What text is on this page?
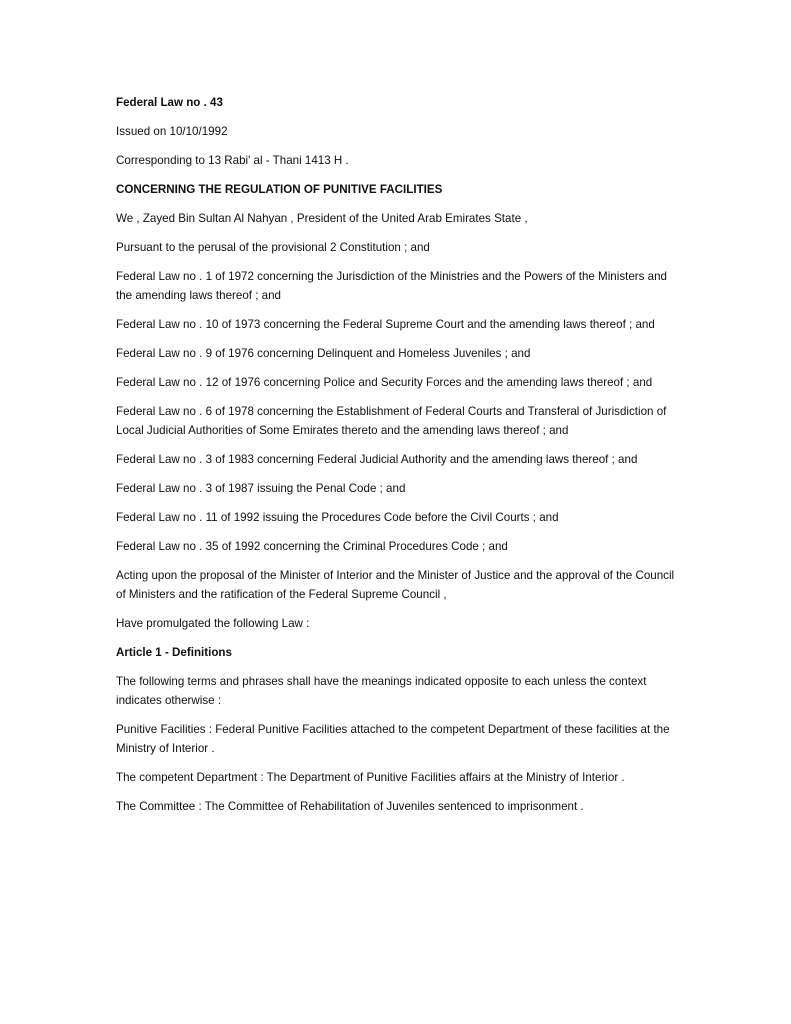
Federal Law no . 43

Issued on 10/10/1992

Corresponding to 13 Rabi' al - Thani 1413 H .

CONCERNING THE REGULATION OF PUNITIVE FACILITIES

We , Zayed Bin Sultan Al Nahyan , President of the United Arab Emirates State ,

Pursuant to the perusal of the provisional 2 Constitution ; and

Federal Law no . 1 of 1972 concerning the Jurisdiction of the Ministries and the Powers of the Ministers and the amending laws thereof ; and

Federal Law no . 10 of 1973 concerning the Federal Supreme Court and the amending laws thereof ; and

Federal Law no . 9 of 1976 concerning Delinquent and Homeless Juveniles ; and

Federal Law no . 12 of 1976 concerning Police and Security Forces and the amending laws thereof ; and

Federal Law no . 6 of 1978 concerning the Establishment of Federal Courts and Transferal of Jurisdiction of Local Judicial Authorities of Some Emirates thereto and the amending laws thereof ; and

Federal Law no . 3 of 1983 concerning Federal Judicial Authority and the amending laws thereof ; and

Federal Law no . 3 of 1987 issuing the Penal Code ; and

Federal Law no . 11 of 1992 issuing the Procedures Code before the Civil Courts ; and

Federal Law no . 35 of 1992 concerning the Criminal Procedures Code ; and

Acting upon the proposal of the Minister of Interior and the Minister of Justice and the approval of the Council of Ministers and the ratification of the Federal Supreme Council ,

Have promulgated the following Law :

Article 1 - Definitions

The following terms and phrases shall have the meanings indicated opposite to each unless the context indicates otherwise :

Punitive Facilities : Federal Punitive Facilities attached to the competent Department of these facilities at the Ministry of Interior .

The competent Department : The Department of Punitive Facilities affairs at the Ministry of Interior .

The Committee : The Committee of Rehabilitation of Juveniles sentenced to imprisonment .
